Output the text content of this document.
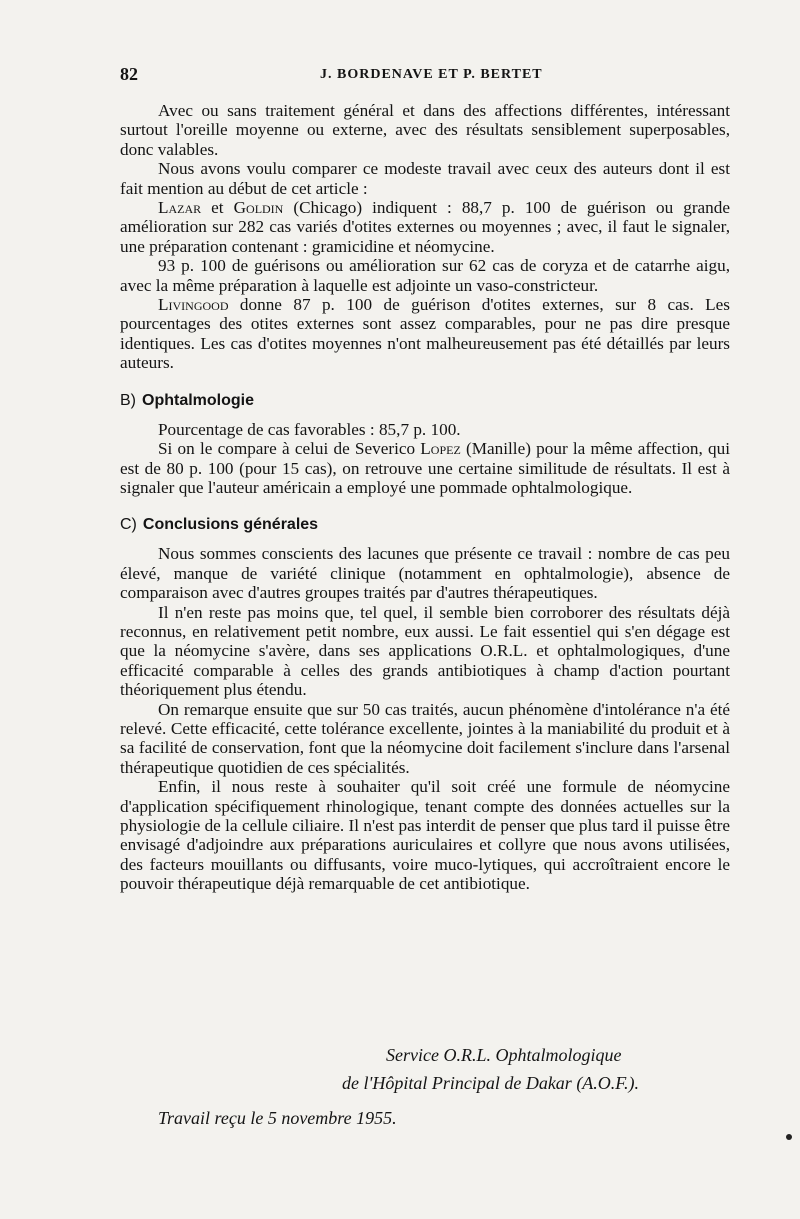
82	J. BORDENAVE ET P. BERTET

Avec ou sans traitement général et dans des affections différentes, intéressant surtout l'oreille moyenne ou externe, avec des résultats sensiblement superposables, donc valables.

Nous avons voulu comparer ce modeste travail avec ceux des auteurs dont il est fait mention au début de cet article :

Lazar et Goldin (Chicago) indiquent : 88,7 p. 100 de guérison ou grande amélioration sur 282 cas variés d'otites externes ou moyennes ; avec, il faut le signaler, une préparation contenant : gramicidine et néomycine.

93 p. 100 de guérisons ou amélioration sur 62 cas de coryza et de catarrhe aigu, avec la même préparation à laquelle est adjointe un vaso-constricteur.

Livingood donne 87 p. 100 de guérison d'otites externes, sur 8 cas. Les pourcentages des otites externes sont assez comparables, pour ne pas dire presque identiques. Les cas d'otites moyennes n'ont malheureusement pas été détaillés par leurs auteurs.

B) Ophtalmologie

Pourcentage de cas favorables : 85,7 p. 100.

Si on le compare à celui de Severico Lopez (Manille) pour la même affection, qui est de 80 p. 100 (pour 15 cas), on retrouve une certaine similitude de résultats. Il est à signaler que l'auteur américain a employé une pommade ophtalmologique.

C) Conclusions générales

Nous sommes conscients des lacunes que présente ce travail : nombre de cas peu élevé, manque de variété clinique (notamment en ophtalmologie), absence de comparaison avec d'autres groupes traités par d'autres thérapeutiques.

Il n'en reste pas moins que, tel quel, il semble bien corroborer des résultats déjà reconnus, en relativement petit nombre, eux aussi. Le fait essentiel qui s'en dégage est que la néomycine s'avère, dans ses applications O.R.L. et ophtalmologiques, d'une efficacité comparable à celles des grands antibiotiques à champ d'action pourtant théoriquement plus étendu.

On remarque ensuite que sur 50 cas traités, aucun phénomène d'intolérance n'a été relevé. Cette efficacité, cette tolérance excellente, jointes à la maniabilité du produit et à sa facilité de conservation, font que la néomycine doit facilement s'inclure dans l'arsenal thérapeutique quotidien de ces spécialités.

Enfin, il nous reste à souhaiter qu'il soit créé une formule de néomycine d'application spécifiquement rhinologique, tenant compte des données actuelles sur la physiologie de la cellule ciliaire. Il n'est pas interdit de penser que plus tard il puisse être envisagé d'adjoindre aux préparations auriculaires et collyre que nous avons utilisées, des facteurs mouillants ou diffusants, voire muco-lytiques, qui accroîtraient encore le pouvoir thérapeutique déjà remarquable de cet antibiotique.

Service O.R.L. Ophtalmologique
de l'Hôpital Principal de Dakar (A.O.F.).
Travail reçu le 5 novembre 1955.
